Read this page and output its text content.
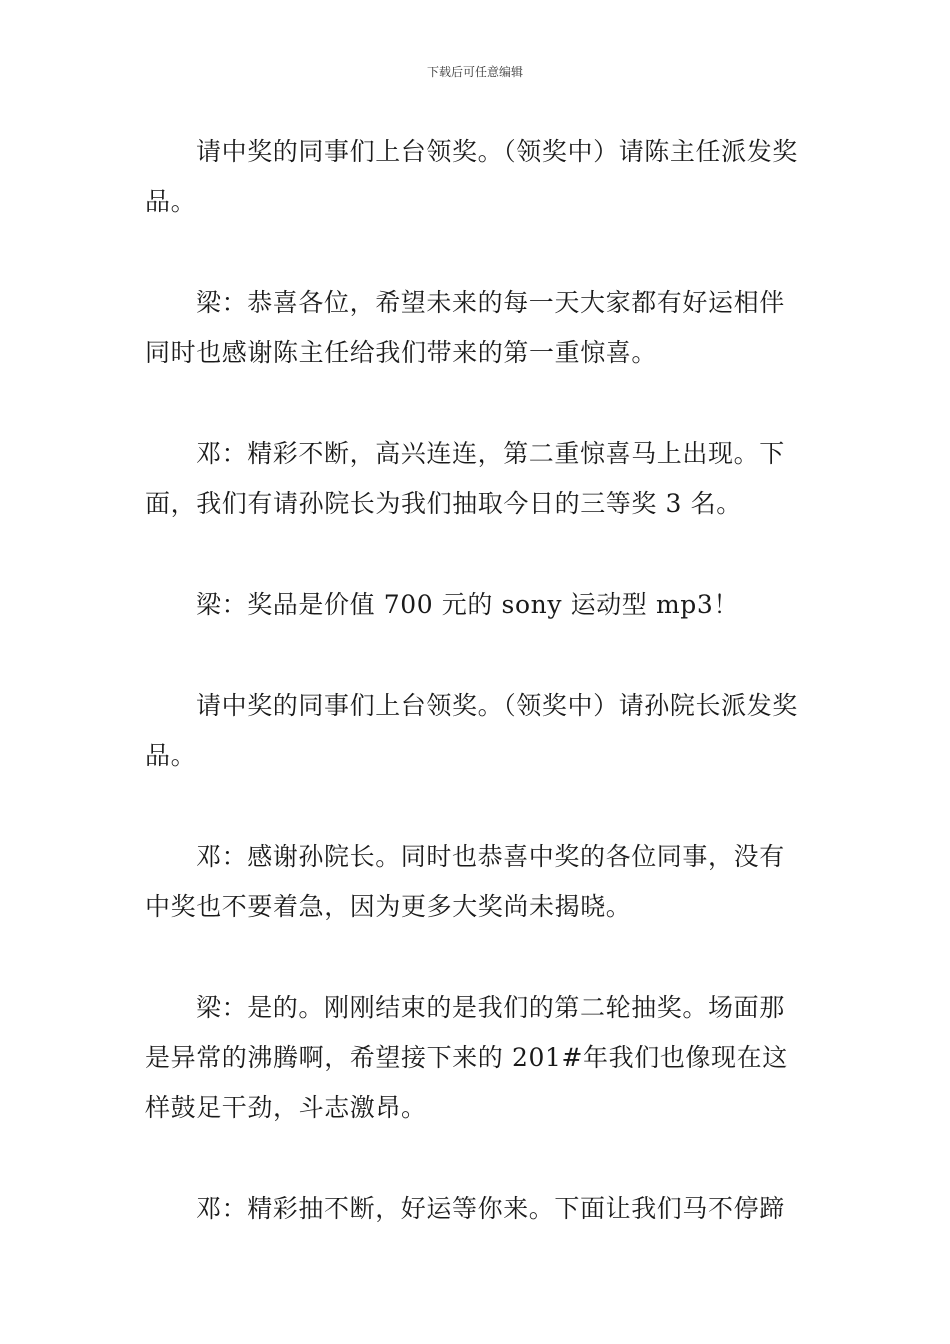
下载后可任意编辑

请中奖的同事们上台领奖。（领奖中）请陈主任派发奖品。

梁：恭喜各位，希望未来的每一天大家都有好运相伴同时也感谢陈主任给我们带来的第一重惊喜。

邓：精彩不断，高兴连连，第二重惊喜马上出现。下面，我们有请孙院长为我们抽取今日的三等奖 3 名。

梁：奖品是价值 700 元的 sony 运动型 mp3！

请中奖的同事们上台领奖。（领奖中）请孙院长派发奖品。

邓：感谢孙院长。同时也恭喜中奖的各位同事，没有中奖也不要着急，因为更多大奖尚未揭晓。

梁：是的。刚刚结束的是我们的第二轮抽奖。场面那是异常的沸腾啊，希望接下来的 201#年我们也像现在这样鼓足干劲，斗志激昂。

邓：精彩抽不断，好运等你来。下面让我们马不停蹄
